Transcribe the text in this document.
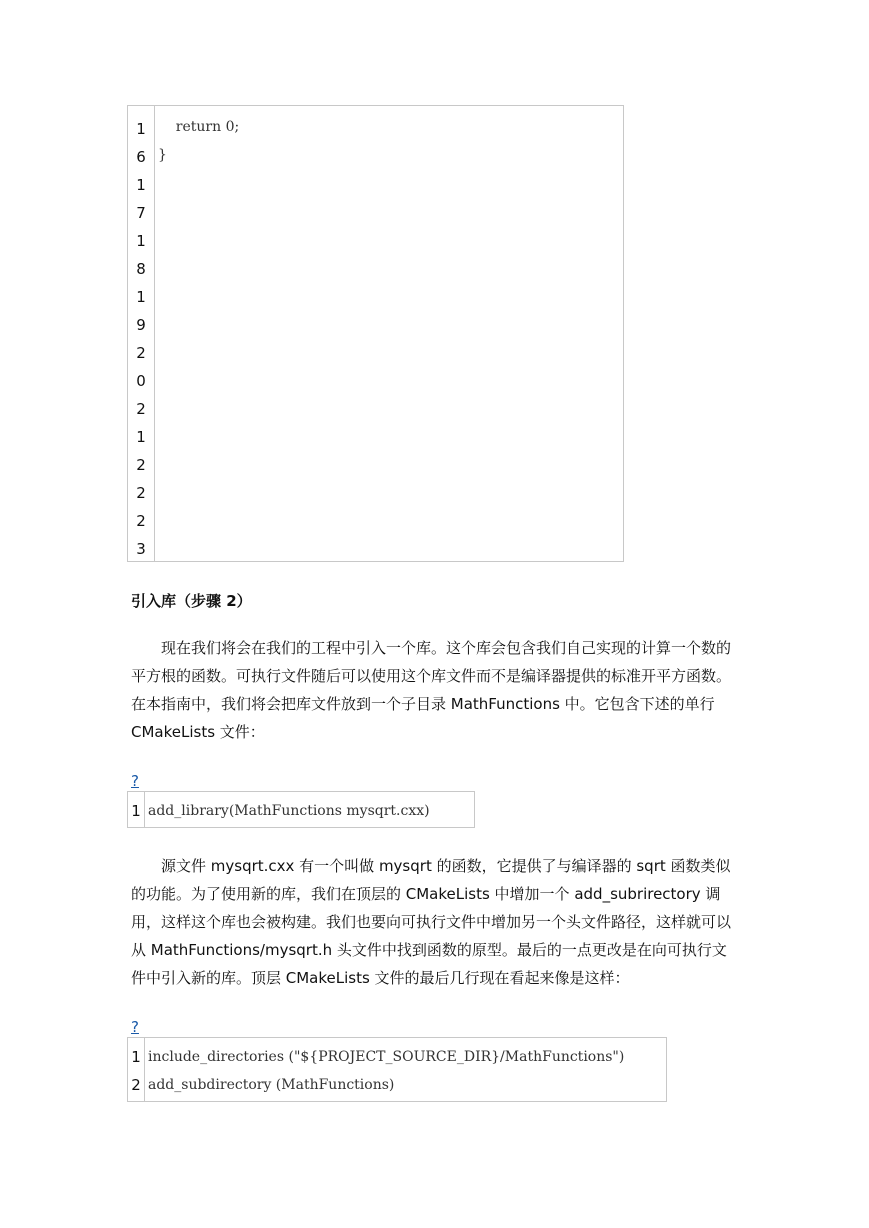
1
6
1
7
1
8
1
9
2
0
2
1
2
2
2
3
return 0;
}
引入库（步骤 2）

现在我们将会在我们的工程中引入一个库。这个库会包含我们自己实现的计算一个数的平方根的函数。可执行文件随后可以使用这个库文件而不是编译器提供的标准开平方函数。在本指南中，我们将会把库文件放到一个子目录 MathFunctions 中。它包含下述的单行 CMakeLists 文件：

?
1 add_library(MathFunctions mysqrt.cxx)

源文件 mysqrt.cxx 有一个叫做 mysqrt 的函数，它提供了与编译器的 sqrt 函数类似的功能。为了使用新的库，我们在顶层的 CMakeLists 中增加一个 add_subrirectory 调用，这样这个库也会被构建。我们也要向可执行文件中增加另一个头文件路径，这样就可以从 MathFunctions/mysqrt.h 头文件中找到函数的原型。最后的一点更改是在向可执行文件中引入新的库。顶层 CMakeLists 文件的最后几行现在看起来像是这样：

?
1
2
include_directories ("${PROJECT_SOURCE_DIR}/MathFunctions")
add_subdirectory (MathFunctions)
